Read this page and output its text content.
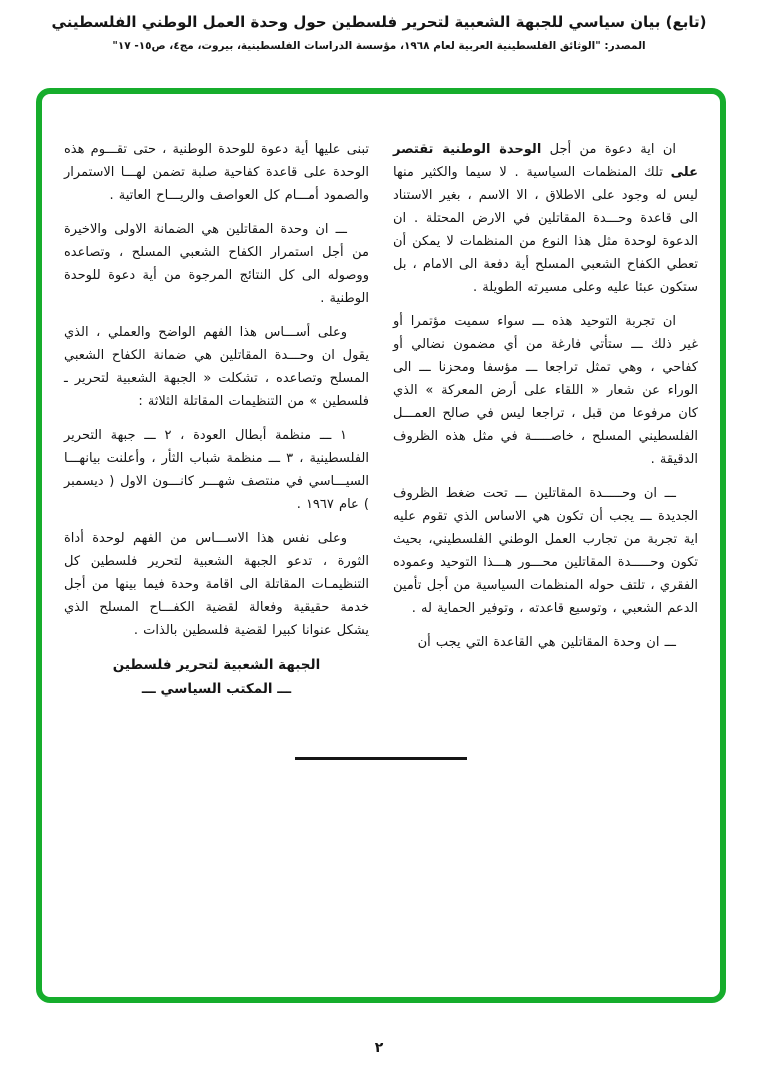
(تابع) بيان سياسي للجبهة الشعبية لتحرير فلسطين حول وحدة العمل الوطني الفلسطيني
المصدر: "الوثائق الفلسطينية العربية لعام ١٩٦٨، مؤسسة الدراسات الفلسطينية، بيروت، مج٤، ص١٥- ١٧"

ان اية دعوة من أجل الوحدة الوطنية تقتصر على تلك المنظمات السياسية . لا سيما والكثير منها ليس له وجود على الاطلاق ، الا الاسم ، بغير الاستناد الى قاعدة وحـــدة المقاتلين في الارض المحتلة . ان الدعوة لوحدة مثل هذا النوع من المنظمات لا يمكن أن تعطي الكفاح الشعبي المسلح أية دفعة الى الامام ، بل ستكون عبئا عليه وعلى مسيرته الطويلة .

ان تجربة التوحيد هذه ـــ سواء سميت مؤتمرا أو غير ذلك ـــ ستأتي فارغة من أي مضمون نضالي أو كفاحي ، وهي تمثل تراجعا ـــ مؤسفا ومحزنا ـــ الى الوراء عن شعار « اللقاء على أرض المعركة » الذي كان مرفوعا من قبل ، تراجعا ليس في صالح العمـــل الفلسطيني المسلح ، خاصـــــة في مثل هذه الظروف الدقيقة .

ـــ ان وحـــــدة المقاتلين ـــ تحت ضغط الظروف الجديدة ـــ يجب أن تكون هي الاساس الذي تقوم عليه اية تجربة من تجارب العمل الوطني الفلسطيني، بحيث تكون وحـــــدة المقاتلين محـــور هـــذا التوحيد وعموده الفقري ، تلتف حوله المنظمات السياسية من أجل تأمين الدعم الشعبي ، وتوسيع قاعدته ، وتوفير الحماية له .

ـــ ان وحدة المقاتلين هي القاعدة التي يجب أن

تبنى عليها أية دعوة للوحدة الوطنية ، حتى تقـــوم هذه الوحدة على قاعدة كفاحية صلبة تضمن لهـــا الاستمرار والصمود أمـــام كل العواصف والريـــاح العاتية .

ـــ ان وحدة المقاتلين هي الضمانة الاولى والاخيرة من أجل استمرار الكفاح الشعبي المسلح ، وتصاعده ووصوله الى كل النتائج المرجوة من أية دعوة للوحدة الوطنية .

وعلى أســـاس هذا الفهم الواضح والعملي ، الذي يقول ان وحـــدة المقاتلين هي ضمانة الكفاح الشعبي المسلح وتصاعده ، تشكلت « الجبهة الشعبية لتحرير ـ فلسطين » من التنظيمات المقاتلة الثلاثة :

١ ـــ منظمة أبطال العودة ، ٢ ـــ جبهة التحرير الفلسطينية ، ٣ ـــ منظمة شباب الثأر ، وأعلنت بيانهـــا السيـــاسي في منتصف شهـــر كانـــون الاول ( ديسمبر ) عام ١٩٦٧ .

وعلى نفس هذا الاســـاس من الفهم لوحدة أداة الثورة ، تدعو الجبهة الشعبية لتحرير فلسطين كل التنظيمـات المقاتلة الى اقامة وحدة فيما بينها من أجل خدمة حقيقية وفعالة لقضية الكفـــاح المسلح الذي يشكل عنوانا كبيرا لقضية فلسطين بالذات .

الجبهة الشعبية لتحرير فلسطين
ـــ المكتب السياسي ـــ
٢
